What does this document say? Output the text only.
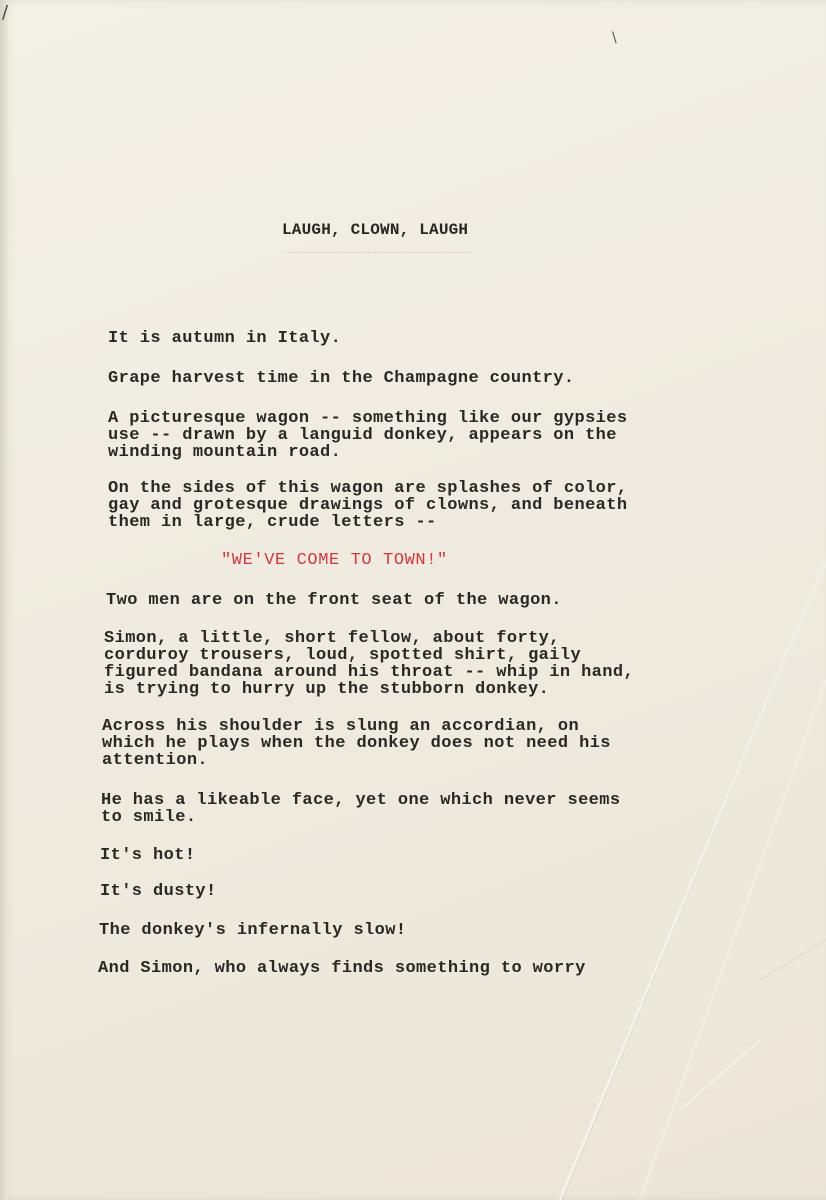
/
\
LAUGH, CLOWN, LAUGH
It is autumn in Italy.
Grape harvest time in the Champagne country.
A picturesque wagon -- something like our gypsies
use -- drawn by a languid donkey, appears on the
winding mountain road.
On the sides of this wagon are splashes of color,
gay and grotesque drawings of clowns, and beneath
them in large, crude letters --
"WE'VE COME TO TOWN!"
Two men are on the front seat of the wagon.
Simon, a little, short fellow, about forty,
corduroy trousers, loud, spotted shirt, gaily
figured bandana around his throat -- whip in hand,
is trying to hurry up the stubborn donkey.
Across his shoulder is slung an accordian, on
which he plays when the donkey does not need his
attention.
He has a likeable face, yet one which never seems
to smile.
It's hot!
It's dusty!
The donkey's infernally slow!
And Simon, who always finds something to worry
